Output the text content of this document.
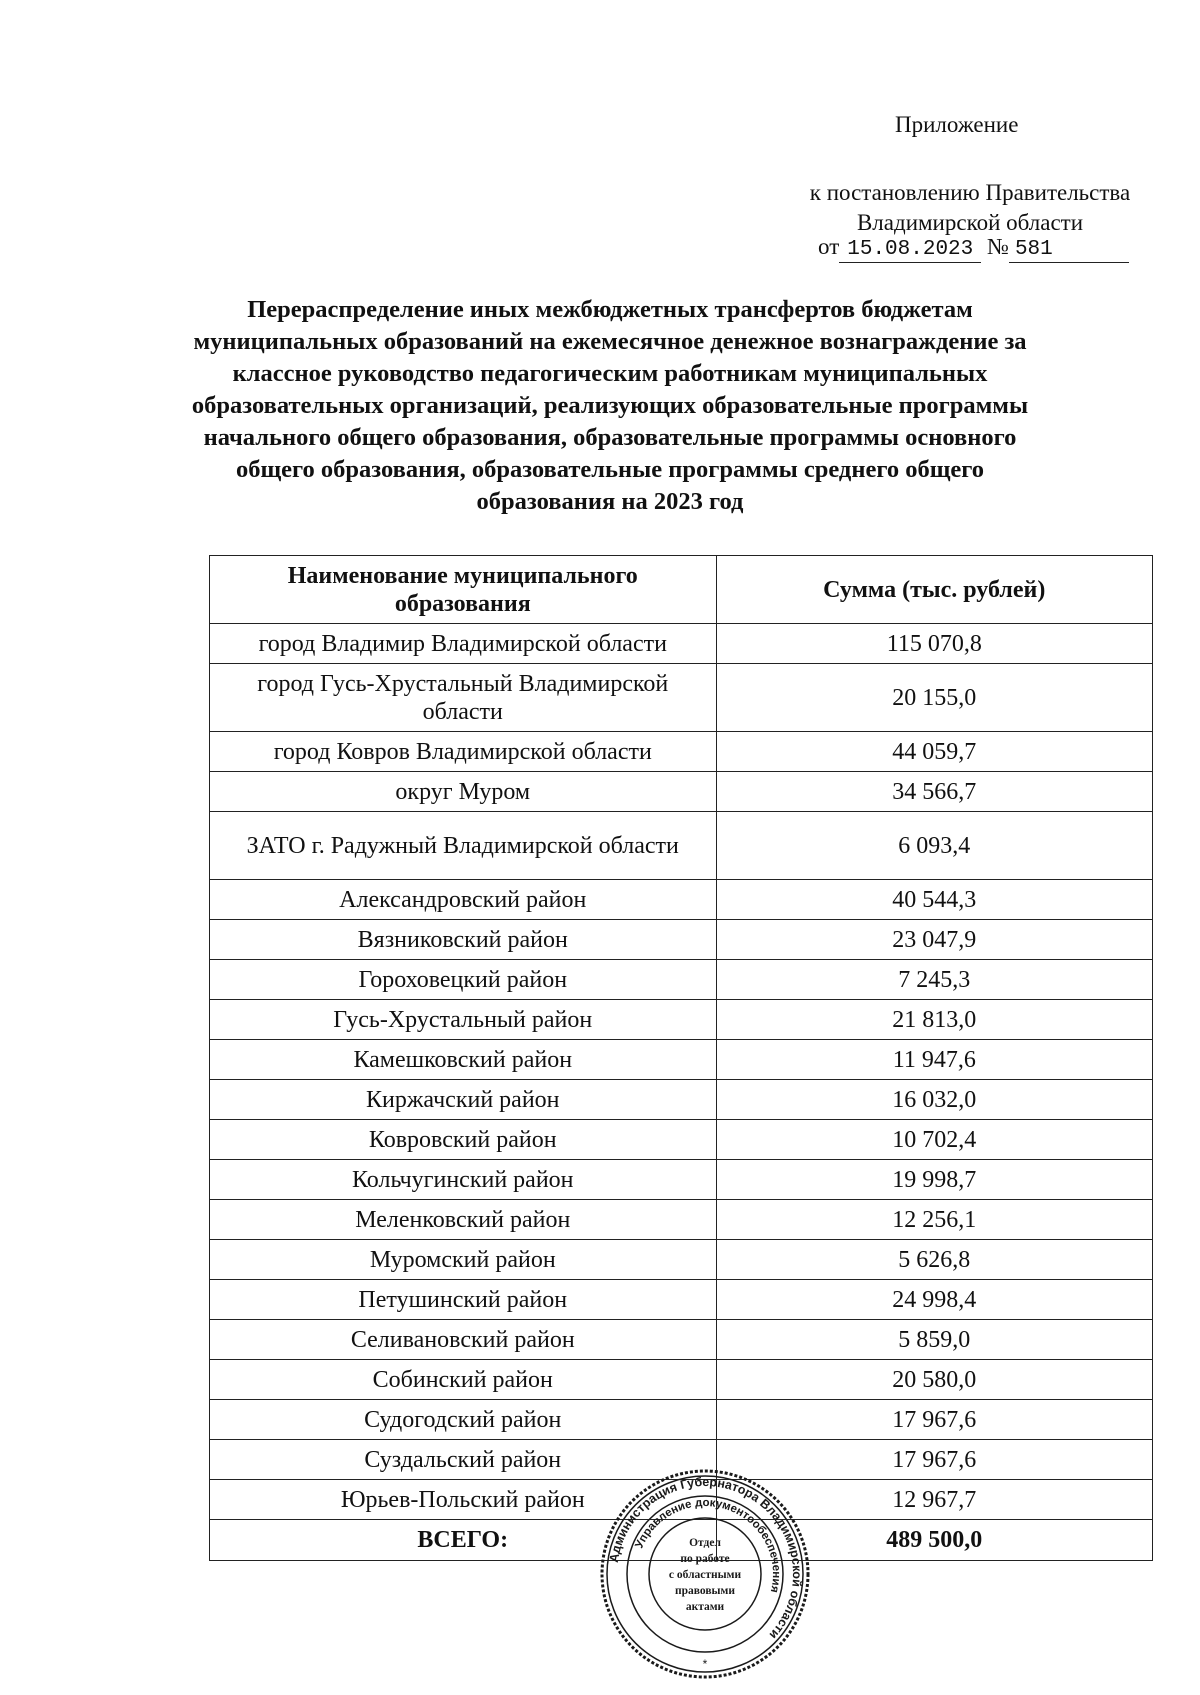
Приложение
к постановлению Правительства
Владимирской области
от 15.08.2023 № 581
Перераспределение иных межбюджетных трансфертов бюджетам муниципальных образований на ежемесячное денежное вознаграждение за классное руководство педагогическим работникам муниципальных образовательных организаций, реализующих образовательные программы начального общего образования, образовательные программы основного общего образования, образовательные программы среднего общего образования на 2023 год
Наименование муниципального образования	Сумма (тыс. рублей)
город Владимир Владимирской области	115 070,8
город Гусь-Хрустальный Владимирской области	20 155,0
город Ковров Владимирской области	44 059,7
округ Муром	34 566,7
ЗАТО г. Радужный Владимирской области	6 093,4
Александровский район	40 544,3
Вязниковский район	23 047,9
Гороховецкий район	7 245,3
Гусь-Хрустальный район	21 813,0
Камешковский район	11 947,6
Киржачский район	16 032,0
Ковровский район	10 702,4
Кольчугинский район	19 998,7
Меленковский район	12 256,1
Муромский район	5 626,8
Петушинский район	24 998,4
Селивановский район	5 859,0
Собинский район	20 580,0
Судогодский район	17 967,6
Суздальский район	17 967,6
Юрьев-Польский район	12 967,7
ВСЕГО:	489 500,0
Администрация Губернатора Владимирской области
Управление документообеспечения
Отдел
по работе
с областными
правовыми
актами
*
